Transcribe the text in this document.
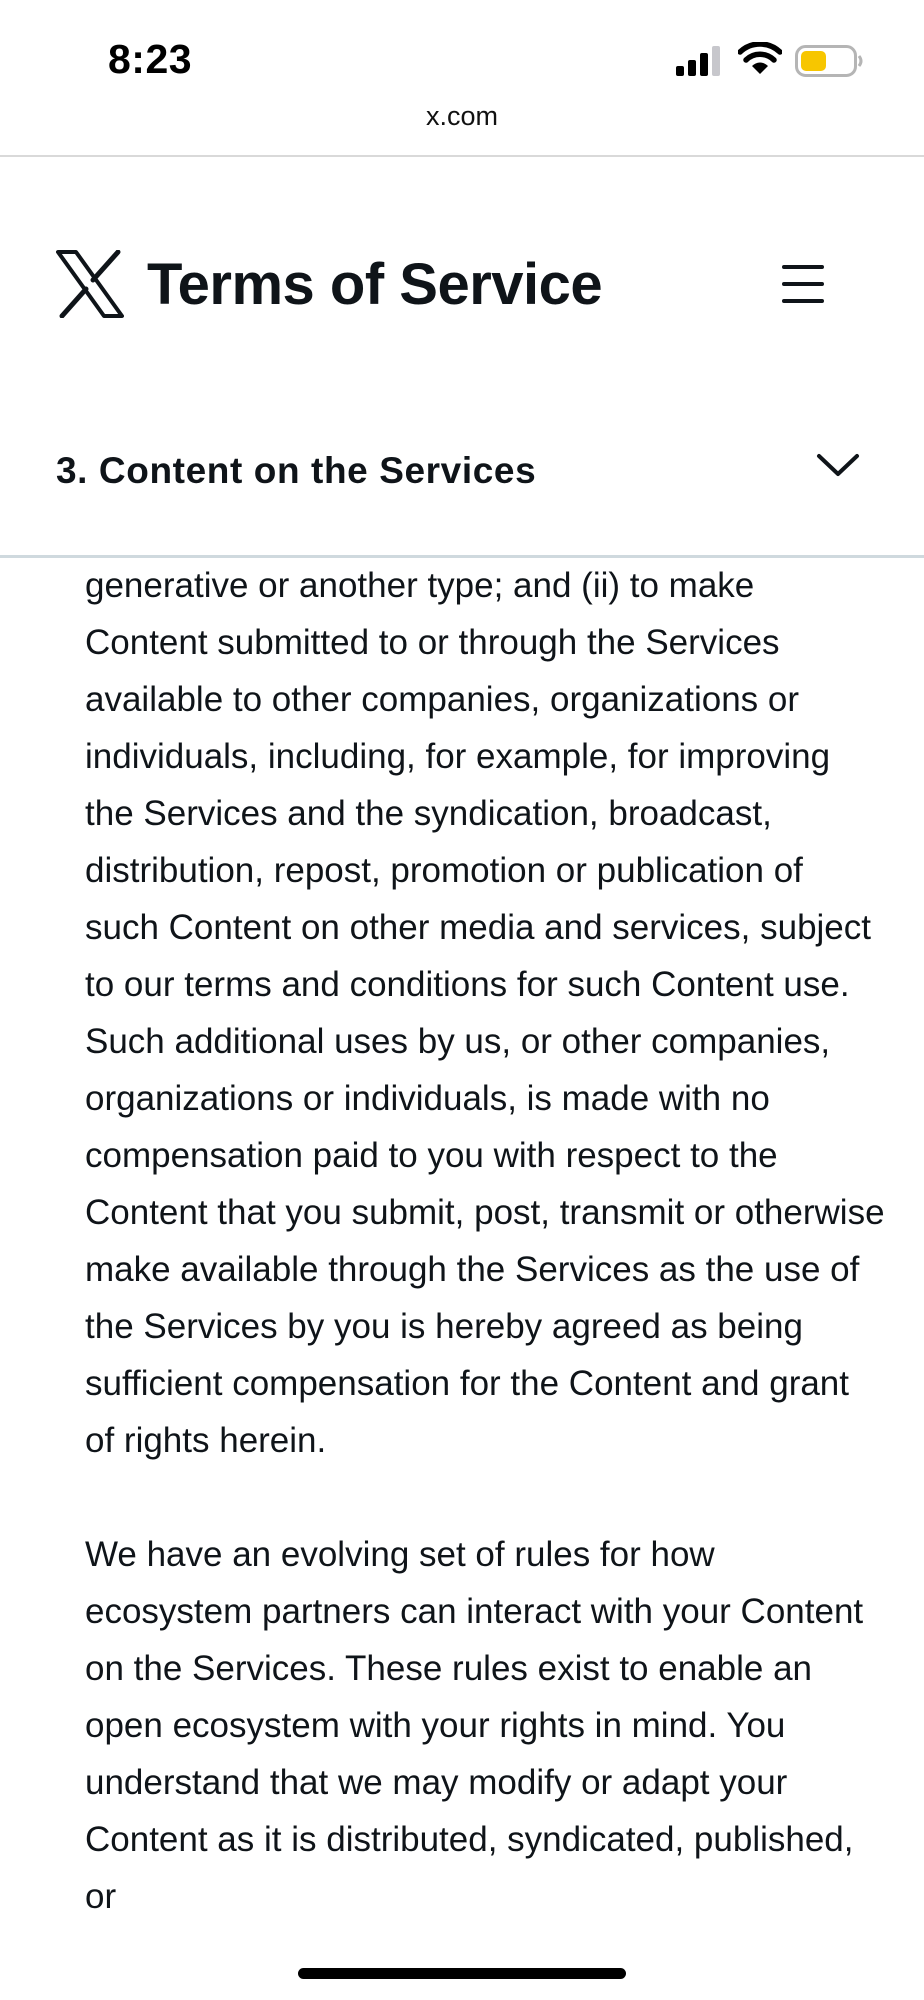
8:23
x.com
Terms of Service
3. Content on the Services

generative or another type; and (ii) to make Content submitted to or through the Services available to other companies, organizations or individuals, including, for example, for improving the Services and the syndication, broadcast, distribution, repost, promotion or publication of such Content on other media and services, subject to our terms and conditions for such Content use. Such additional uses by us, or other companies, organizations or individuals, is made with no compensation paid to you with respect to the Content that you submit, post, transmit or otherwise make available through the Services as the use of the Services by you is hereby agreed as being sufficient compensation for the Content and grant of rights herein.

We have an evolving set of rules for how ecosystem partners can interact with your Content on the Services. These rules exist to enable an open ecosystem with your rights in mind. You understand that we may modify or adapt your Content as it is distributed, syndicated, published, or
